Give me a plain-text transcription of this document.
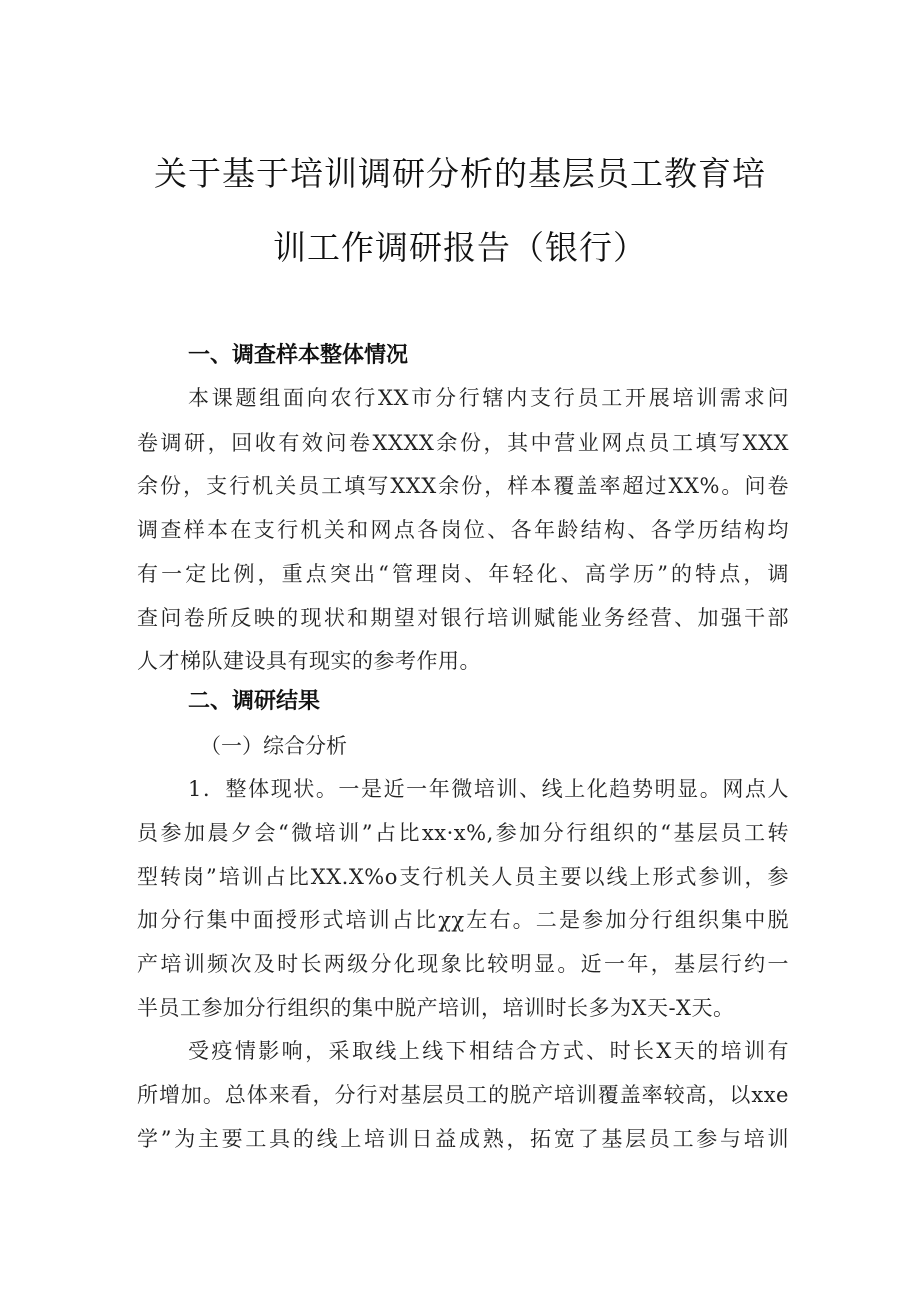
关于基于培训调研分析的基层员工教育培
训工作调研报告（银行）
一、调查样本整体情况
本课题组面向农行XX市分行辖内支行员工开展培训需求问
卷调研，回收有效问卷XXXX余份，其中营业网点员工填写XXX
余份，支行机关员工填写XXX余份，样本覆盖率超过XX%。问卷
调查样本在支行机关和网点各岗位、各年龄结构、各学历结构均
有一定比例，重点突出“管理岗、年轻化、高学历”的特点，调
查问卷所反映的现状和期望对银行培训赋能业务经营、加强干部
人才梯队建设具有现实的参考作用。
二、调研结果
（一）综合分析
1．整体现状。一是近一年微培训、线上化趋势明显。网点人
员参加晨夕会“微培训”占比xx·x%,参加分行组织的“基层员工转
型转岗”培训占比XX.X%o支行机关人员主要以线上形式参训，参
加分行集中面授形式培训占比χχ左右。二是参加分行组织集中脱
产培训频次及时长两级分化现象比较明显。近一年，基层行约一
半员工参加分行组织的集中脱产培训，培训时长多为X天-X天。
受疫情影响，采取线上线下相结合方式、时长X天的培训有
所增加。总体来看，分行对基层员工的脱产培训覆盖率较高，以xxe
学”为主要工具的线上培训日益成熟，拓宽了基层员工参与培训
